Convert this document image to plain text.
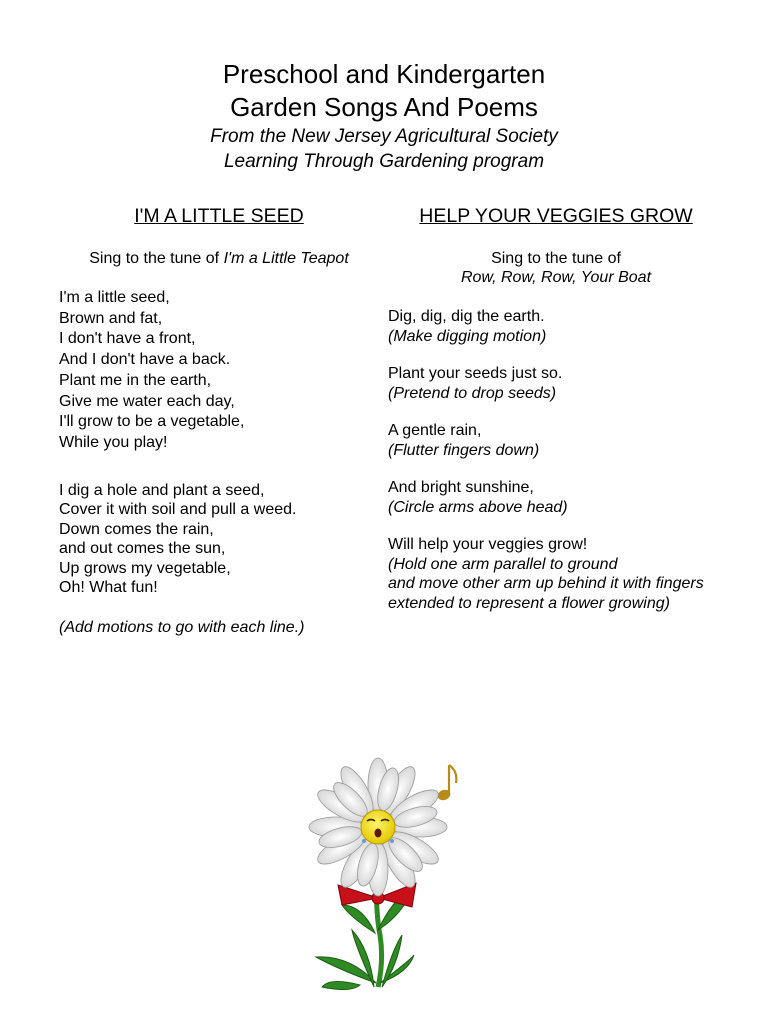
Preschool and Kindergarten
Garden Songs And Poems
From the New Jersey Agricultural Society
Learning Through Gardening program
I'M A LITTLE SEED
Sing to the tune of I'm a Little Teapot
I'm a little seed,
Brown and fat,
I don't have a front,
And I don't have a back.
Plant me in the earth,
Give me water each day,
I'll grow to be a vegetable,
While you play!
I dig a hole and plant a seed,
Cover it with soil and pull a weed.
Down comes the rain,
and out comes the sun,
Up grows my vegetable,
Oh! What fun!
(Add motions to go with each line.)
HELP YOUR VEGGIES GROW
Sing to the tune of
Row, Row, Row, Your Boat
Dig, dig, dig the earth.
(Make digging motion)
Plant your seeds just so.
(Pretend to drop seeds)
A gentle rain,
(Flutter fingers down)
And bright sunshine,
(Circle arms above head)
Will help your veggies grow!
(Hold one arm parallel to ground
and move other arm up behind it with fingers
extended to represent a flower growing)
